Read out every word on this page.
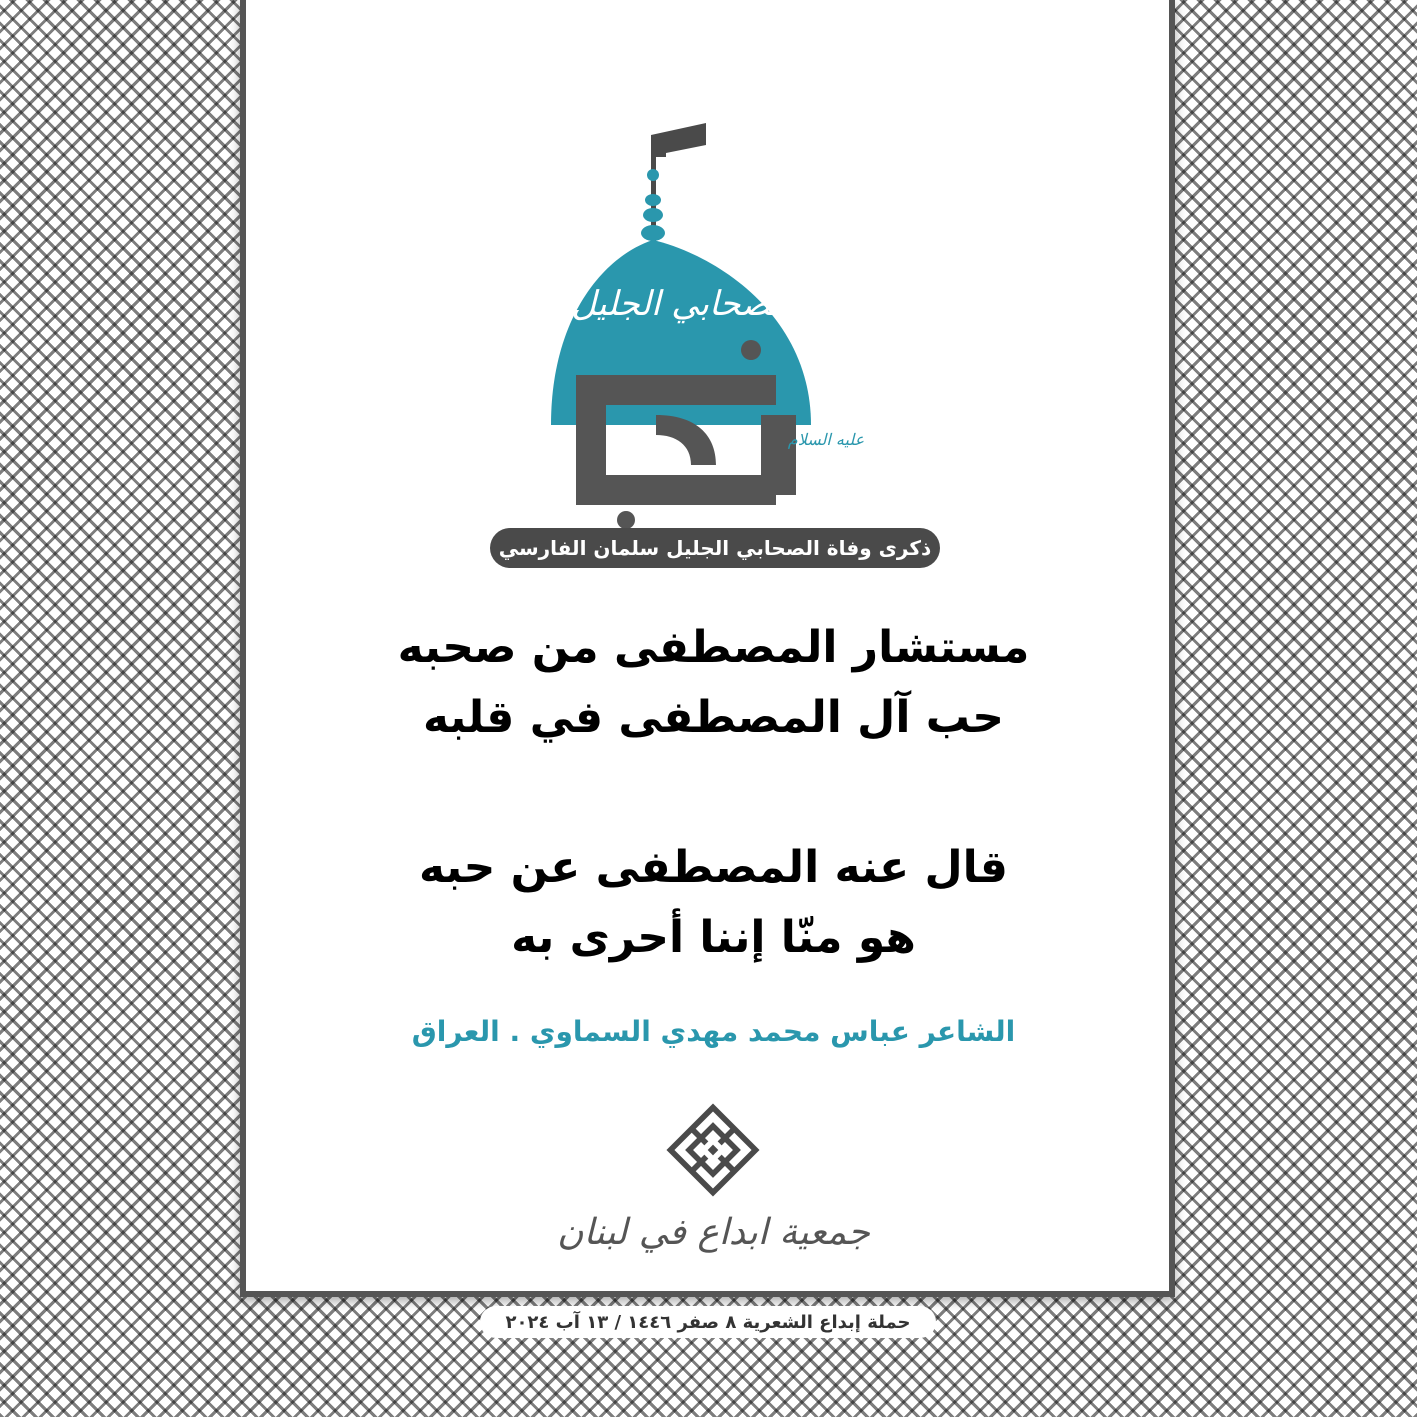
الصحابي الجليل
عليه السلام
ذكرى وفاة الصحابي الجليل سلمان الفارسي
مستشار المصطفى من صحبه
حب آل المصطفى في قلبه
قال عنه المصطفى عن حبه
هو منّا إننا أحرى به
الشاعر عباس محمد مهدي السماوي . العراق
جمعية ابداع في لبنان
حملة إبداع الشعرية ٨ صفر ١٤٤٦ / ١٣ آب ٢٠٢٤
